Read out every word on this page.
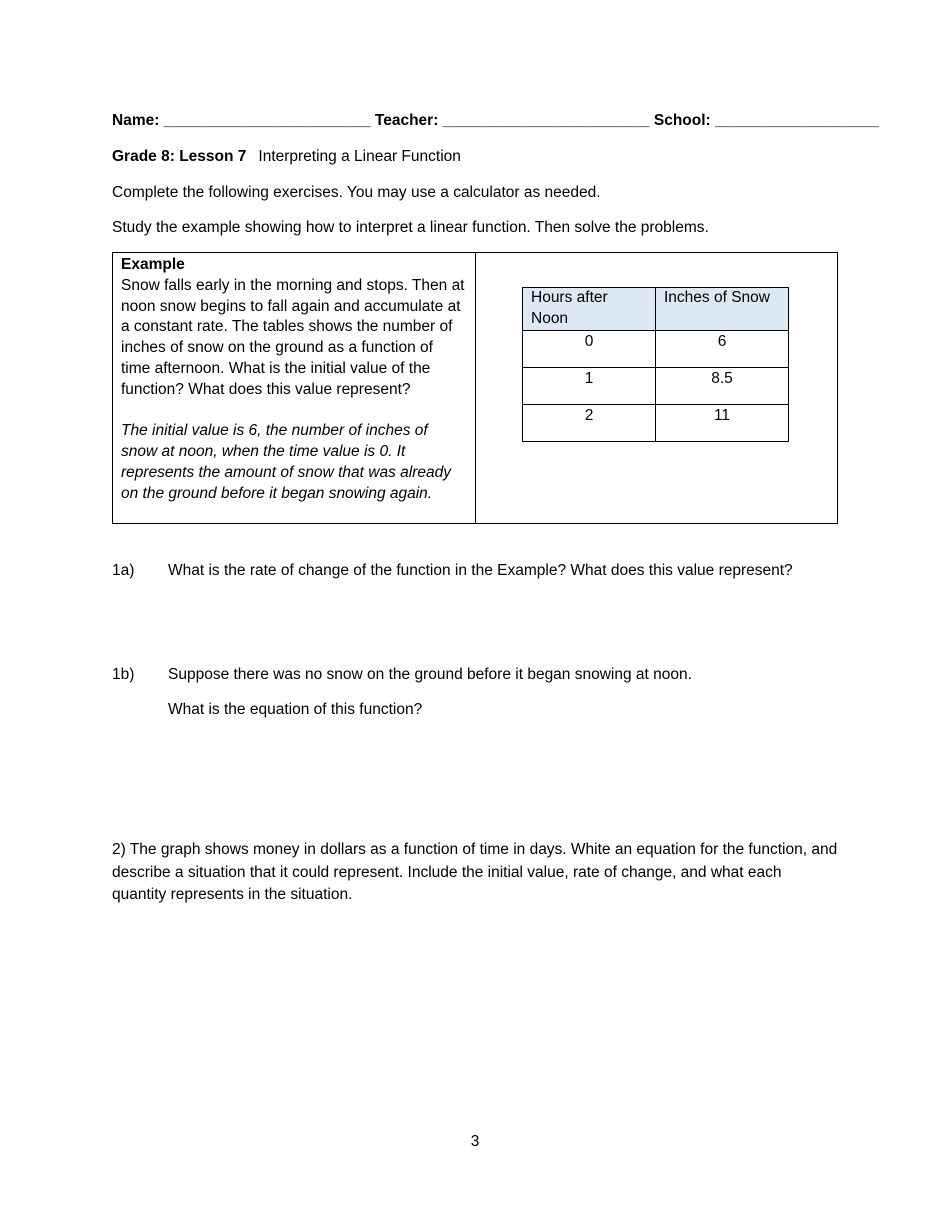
Name: ________________________ Teacher: ________________________ School: ___________________
Grade 8: Lesson 7 Interpreting a Linear Function
Complete the following exercises. You may use a calculator as needed.
Study the example showing how to interpret a linear function. Then solve the problems.
Example
Snow falls early in the morning and stops. Then at
noon snow begins to fall again and accumulate at
a constant rate. The tables shows the number of
inches of snow on the ground as a function of
time afternoon. What is the initial value of the
function? What does this value represent?
The initial value is 6, the number of inches of
snow at noon, when the time value is 0. It
represents the amount of snow that was already
on the ground before it began snowing again.
Hours after Noon	Inches of Snow
0	6
1	8.5
2	11
1a) What is the rate of change of the function in the Example? What does this value represent?
1b) Suppose there was no snow on the ground before it began snowing at noon.
What is the equation of this function?
2) The graph shows money in dollars as a function of time in days. White an equation for the function, and describe a situation that it could represent. Include the initial value, rate of change, and what each quantity represents in the situation.
3
